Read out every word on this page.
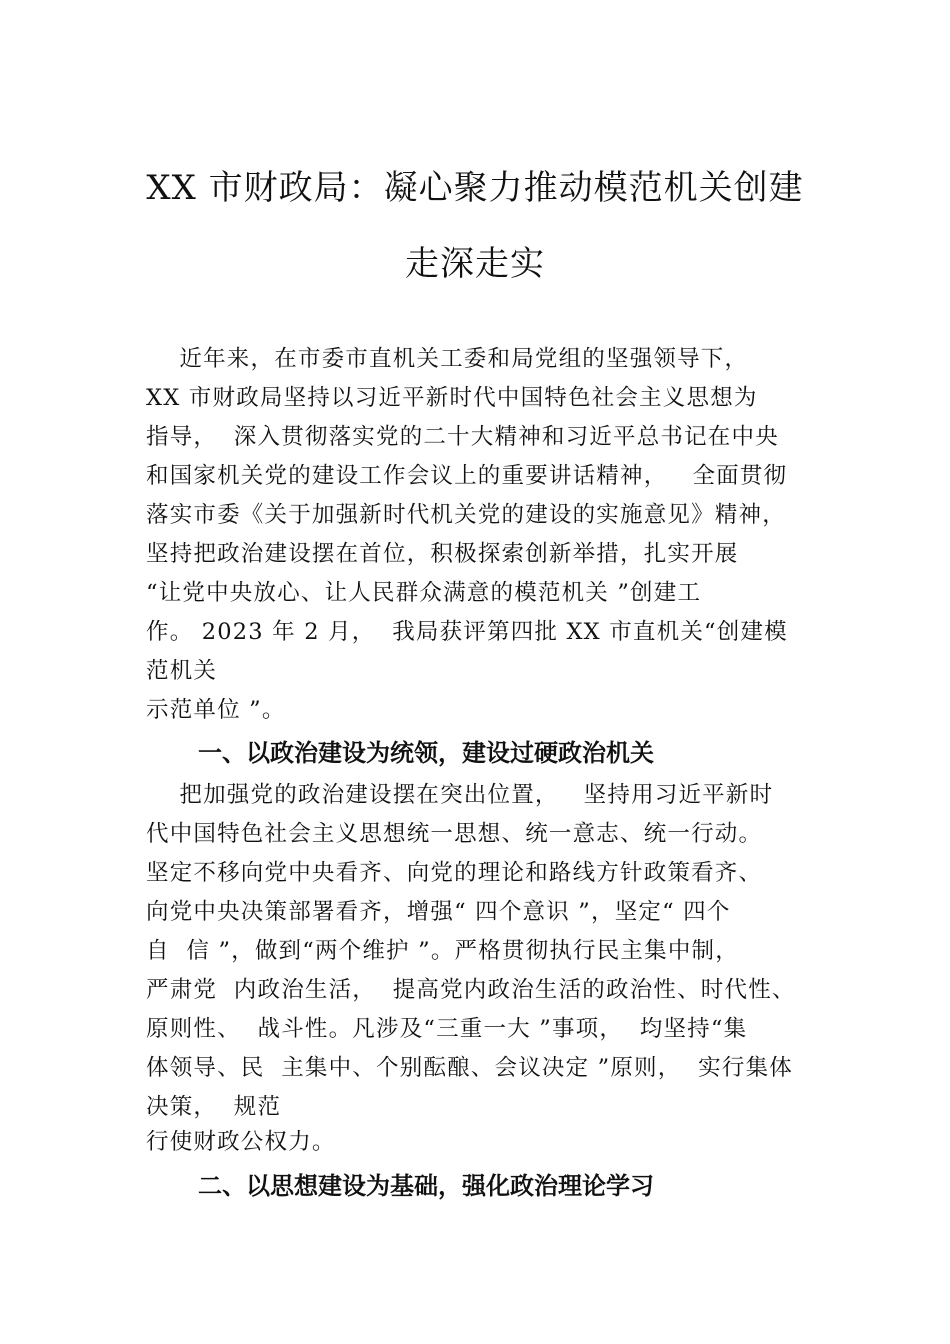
XX 市财政局：凝心聚力推动模范机关创建
走深走实
近年来，在市委市直机关工委和局党组的坚强领导下，
XX 市财政局坚持以习近平新时代中国特色社会主义思想为
指导，  深入贯彻落实党的二十大精神和习近平总书记在中央
和国家机关党的建设工作会议上的重要讲话精神，   全面贯彻
落实市委《关于加强新时代机关党的建设的实施意见》精神，
坚持把政治建设摆在首位，积极探索创新举措，扎实开展
“让党中央放心、让人民群众满意的模范机关 ”创建工
作。 2023 年 2 月，  我局获评第四批 XX 市直机关“创建模
范机关
示范单位 ”。
一、以政治建设为统领，建设过硬政治机关
把加强党的政治建设摆在突出位置，   坚持用习近平新时
代中国特色社会主义思想统一思想、统一意志、统一行动。
坚定不移向党中央看齐、向党的理论和路线方针政策看齐、
向党中央决策部署看齐，增强“ 四个意识 ”，坚定“ 四个
自  信 ”，做到“两个维护 ”。严格贯彻执行民主集中制，
严肃党  内政治生活，  提高党内政治生活的政治性、时代性、
原则性、  战斗性。凡涉及“三重一大 ”事项，  均坚持“集
体领导、民  主集中、个别酝酿、会议决定 ”原则，  实行集体
决策，  规范
行使财政公权力。
二、以思想建设为基础，强化政治理论学习
